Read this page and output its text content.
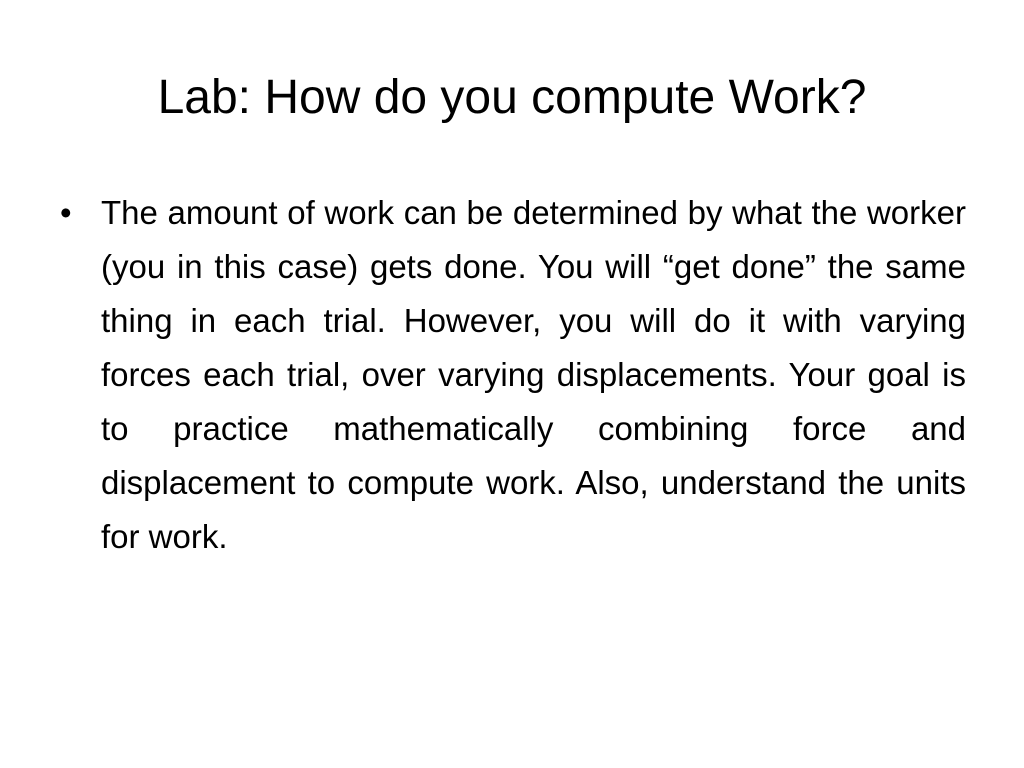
Lab: How do you compute Work?
• The amount of work can be determined by what the worker (you in this case) gets done. You will “get done” the same thing in each trial. However, you will do it with varying forces each trial, over varying displacements. Your goal is to practice mathematically combining force and displacement to compute work. Also, understand the units for work.
